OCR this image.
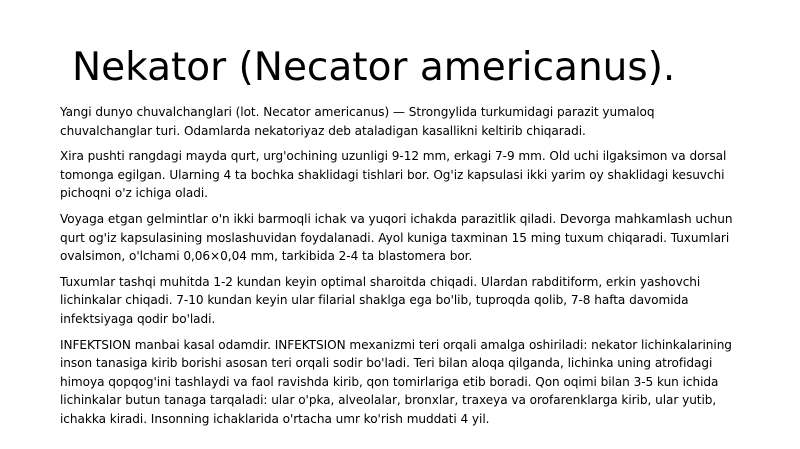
Nekator (Necator americanus).

Yangi dunyo chuvalchanglari (lot. Necator americanus) — Strongylida turkumidagi parazit yumaloq chuvalchanglar turi. Odamlarda nekatoriyaz deb ataladigan kasallikni keltirib chiqaradi.

Xira pushti rangdagi mayda qurt, urg'ochining uzunligi 9-12 mm, erkagi 7-9 mm. Old uchi ilgaksimon va dorsal tomonga egilgan. Ularning 4 ta bochka shaklidagi tishlari bor. Og'iz kapsulasi ikki yarim oy shaklidagi kesuvchi pichoqni o'z ichiga oladi.

Voyaga etgan gelmintlar o'n ikki barmoqli ichak va yuqori ichakda parazitlik qiladi. Devorga mahkamlash uchun qurt og'iz kapsulasining moslashuvidan foydalanadi. Ayol kuniga taxminan 15 ming tuxum chiqaradi. Tuxumlari ovalsimon, o'lchami 0,06×0,04 mm, tarkibida 2-4 ta blastomera bor.

Tuxumlar tashqi muhitda 1-2 kundan keyin optimal sharoitda chiqadi. Ulardan rabditiform, erkin yashovchi lichinkalar chiqadi. 7-10 kundan keyin ular filarial shaklga ega bo'lib, tuproqda qolib, 7-8 hafta davomida infektsiyaga qodir bo'ladi.

INFEKTSION manbai kasal odamdir. INFEKTSION mexanizmi teri orqali amalga oshiriladi: nekator lichinkalarining inson tanasiga kirib borishi asosan teri orqali sodir bo'ladi. Teri bilan aloqa qilganda, lichinka uning atrofidagi himoya qopqog'ini tashlaydi va faol ravishda kirib, qon tomirlariga etib boradi. Qon oqimi bilan 3-5 kun ichida lichinkalar butun tanaga tarqaladi: ular o'pka, alveolalar, bronxlar, traxeya va orofarenklarga kirib, ular yutib, ichakka kiradi. Insonning ichaklarida o'rtacha umr ko'rish muddati 4 yil.
